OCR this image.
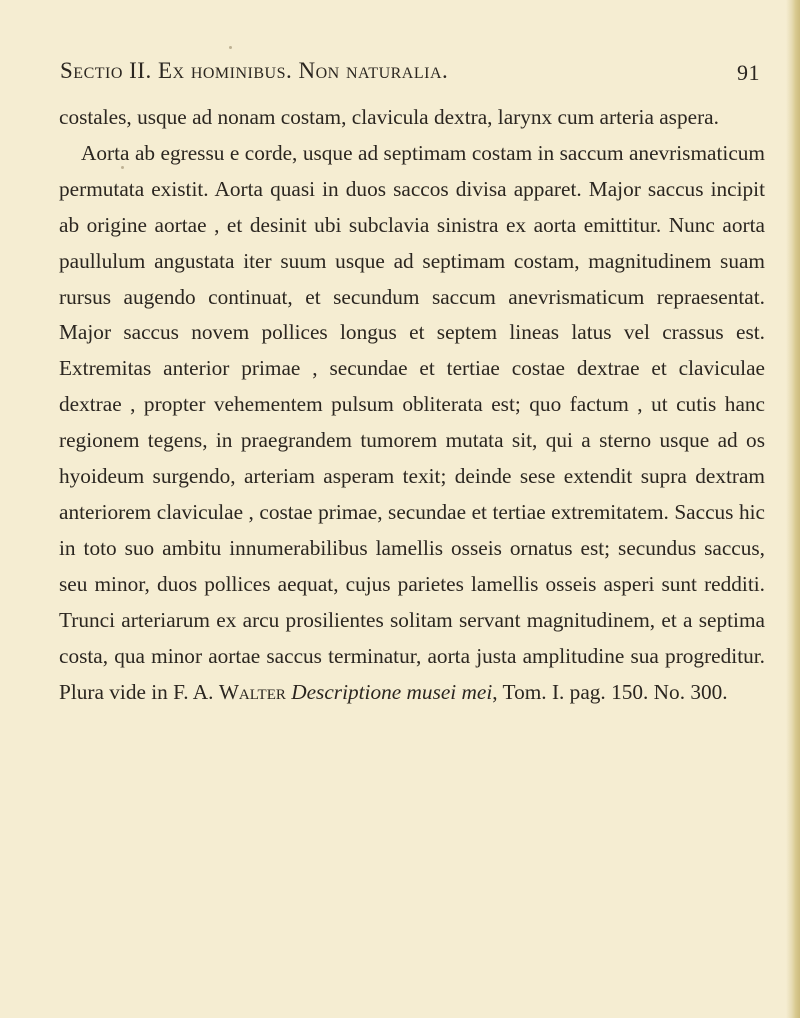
Sectio II. Ex hominibus. Non naturalia.	91

costales, usque ad nonam costam, clavicula dextra, larynx cum arteria aspera.

Aorta ab egressu e corde, usque ad septimam costam in saccum anevrismaticum permutata existit. Aorta quasi in duos saccos divisa apparet. Major saccus incipit ab origine aortae , et desinit ubi subclavia sinistra ex aorta emittitur. Nunc aorta paullulum angustata iter suum usque ad septimam costam, magnitudinem suam rursus augendo continuat, et secundum saccum anevrismaticum repraesentat. Major saccus novem pollices longus et septem lineas latus vel crassus est. Extremitas anterior primae , secundae et tertiae costae dextrae et claviculae dextrae , propter vehementem pulsum obliterata est; quo factum , ut cutis hanc regionem tegens, in praegrandem tumorem mutata sit, qui a sterno usque ad os hyoideum surgendo, arteriam asperam texit; deinde sese extendit supra dextram anteriorem claviculae , costae primae, secundae et tertiae extremitatem. Saccus hic in toto suo ambitu innumerabilibus lamellis osseis ornatus est; secundus saccus, seu minor, duos pollices aequat, cujus parietes lamellis osseis asperi sunt redditi. Trunci arteriarum ex arcu prosilientes solitam servant magnitudinem, et a septima costa, qua minor aortae saccus terminatur, aorta justa amplitudine sua progreditur. Plura vide in F. A. Walter Descriptione musei mei, Tom. I. pag. 150. No. 300.
